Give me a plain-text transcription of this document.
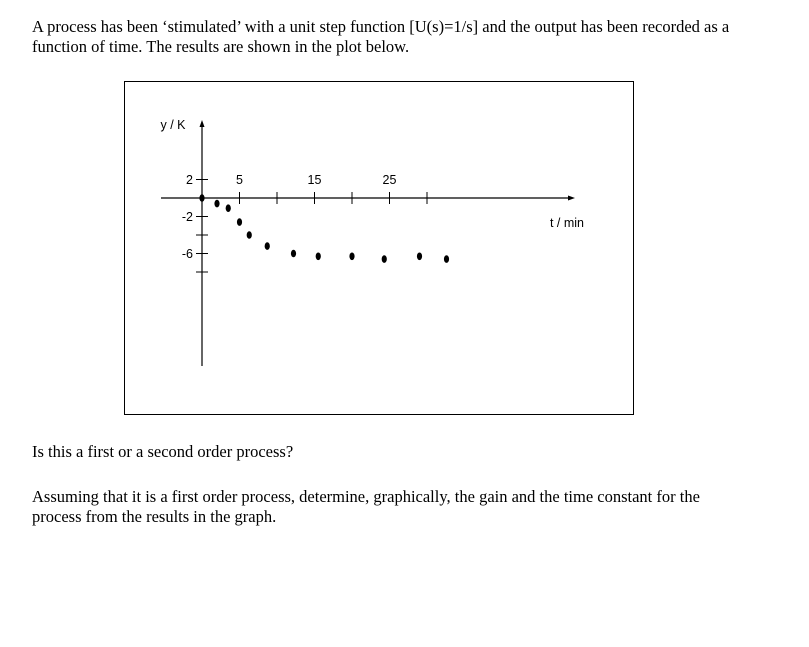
A process has been ‘stimulated’ with a unit step function [U(s)=1/s] and the output has been recorded as a function of time. The results are shown in the plot below.

5	15	25
2
-2
-6
y / K
t / min

Is this a first or a second order process?

Assuming that it is a first order process, determine, graphically, the gain and the time constant for the process from the results in the graph.
